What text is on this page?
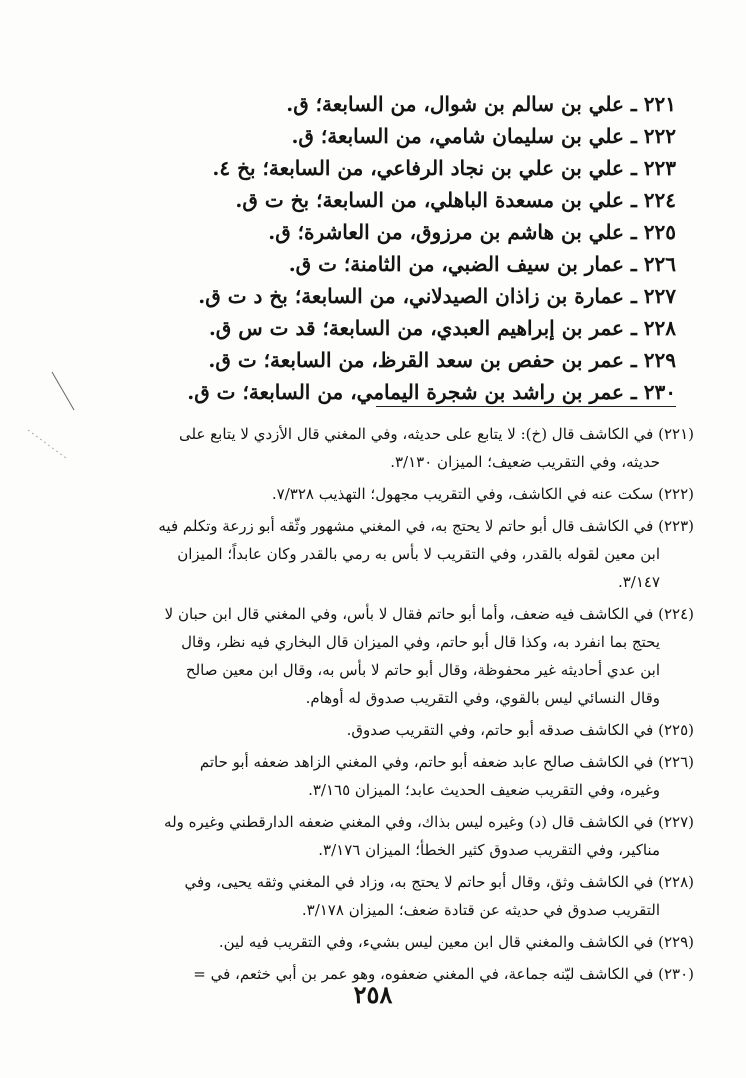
٢٢١ ـ علي بن سالم بن شوال، من السابعة؛ ق.
٢٢٢ ـ علي بن سليمان شامي، من السابعة؛ ق.
٢٢٣ ـ علي بن علي بن نجاد الرفاعي، من السابعة؛ بخ ٤.
٢٢٤ ـ علي بن مسعدة الباهلي، من السابعة؛ بخ ت ق.
٢٢٥ ـ علي بن هاشم بن مرزوق، من العاشرة؛ ق.
٢٢٦ ـ عمار بن سيف الضبي، من الثامنة؛ ت ق.
٢٢٧ ـ عمارة بن زاذان الصيدلاني، من السابعة؛ بخ د ت ق.
٢٢٨ ـ عمر بن إبراهيم العبدي، من السابعة؛ قد ت س ق.
٢٢٩ ـ عمر بن حفص بن سعد القرظ، من السابعة؛ ت ق.
٢٣٠ ـ عمر بن راشد بن شجرة اليمامي، من السابعة؛ ت ق.
(٢٢١) في الكاشف قال (خ): لا يتابع على حديثه، وفي المغني قال الأزدي لا يتابع على
حديثه، وفي التقريب ضعيف؛ الميزان ٣/١٣٠.
(٢٢٢) سكت عنه في الكاشف، وفي التقريب مجهول؛ التهذيب ٧/٣٢٨.
(٢٢٣) في الكاشف قال أبو حاتم لا يحتج به، في المغني مشهور وثّقه أبو زرعة وتكلم فيه
ابن معين لقوله بالقدر، وفي التقريب لا بأس به رمي بالقدر وكان عابداً؛ الميزان
٣/١٤٧.
(٢٢٤) في الكاشف فيه ضعف، وأما أبو حاتم فقال لا بأس، وفي المغني قال ابن حبان لا
يحتج بما انفرد به، وكذا قال أبو حاتم، وفي الميزان قال البخاري فيه نظر، وقال
ابن عدي أحاديثه غير محفوظة، وقال أبو حاتم لا بأس به، وقال ابن معين صالح
وقال النسائي ليس بالقوي، وفي التقريب صدوق له أوهام.
(٢٢٥) في الكاشف صدقه أبو حاتم، وفي التقريب صدوق.
(٢٢٦) في الكاشف صالح عابد ضعفه أبو حاتم، وفي المغني الزاهد ضعفه أبو حاتم
وغيره، وفي التقريب ضعيف الحديث عابد؛ الميزان ٣/١٦٥.
(٢٢٧) في الكاشف قال (د) وغيره ليس بذاك، وفي المغني ضعفه الدارقطني وغيره وله
مناكير، وفي التقريب صدوق كثير الخطأ؛ الميزان ٣/١٧٦.
(٢٢٨) في الكاشف وثق، وقال أبو حاتم لا يحتج به، وزاد في المغني وثقه يحيى، وفي
التقريب صدوق في حديثه عن قتادة ضعف؛ الميزان ٣/١٧٨.
(٢٢٩) في الكاشف والمغني قال ابن معين ليس بشيء، وفي التقريب فيه لين.
(٢٣٠) في الكاشف ليّنه جماعة، في المغني ضعفوه، وهو عمر بن أبي خثعم، في =
٢٥٨
